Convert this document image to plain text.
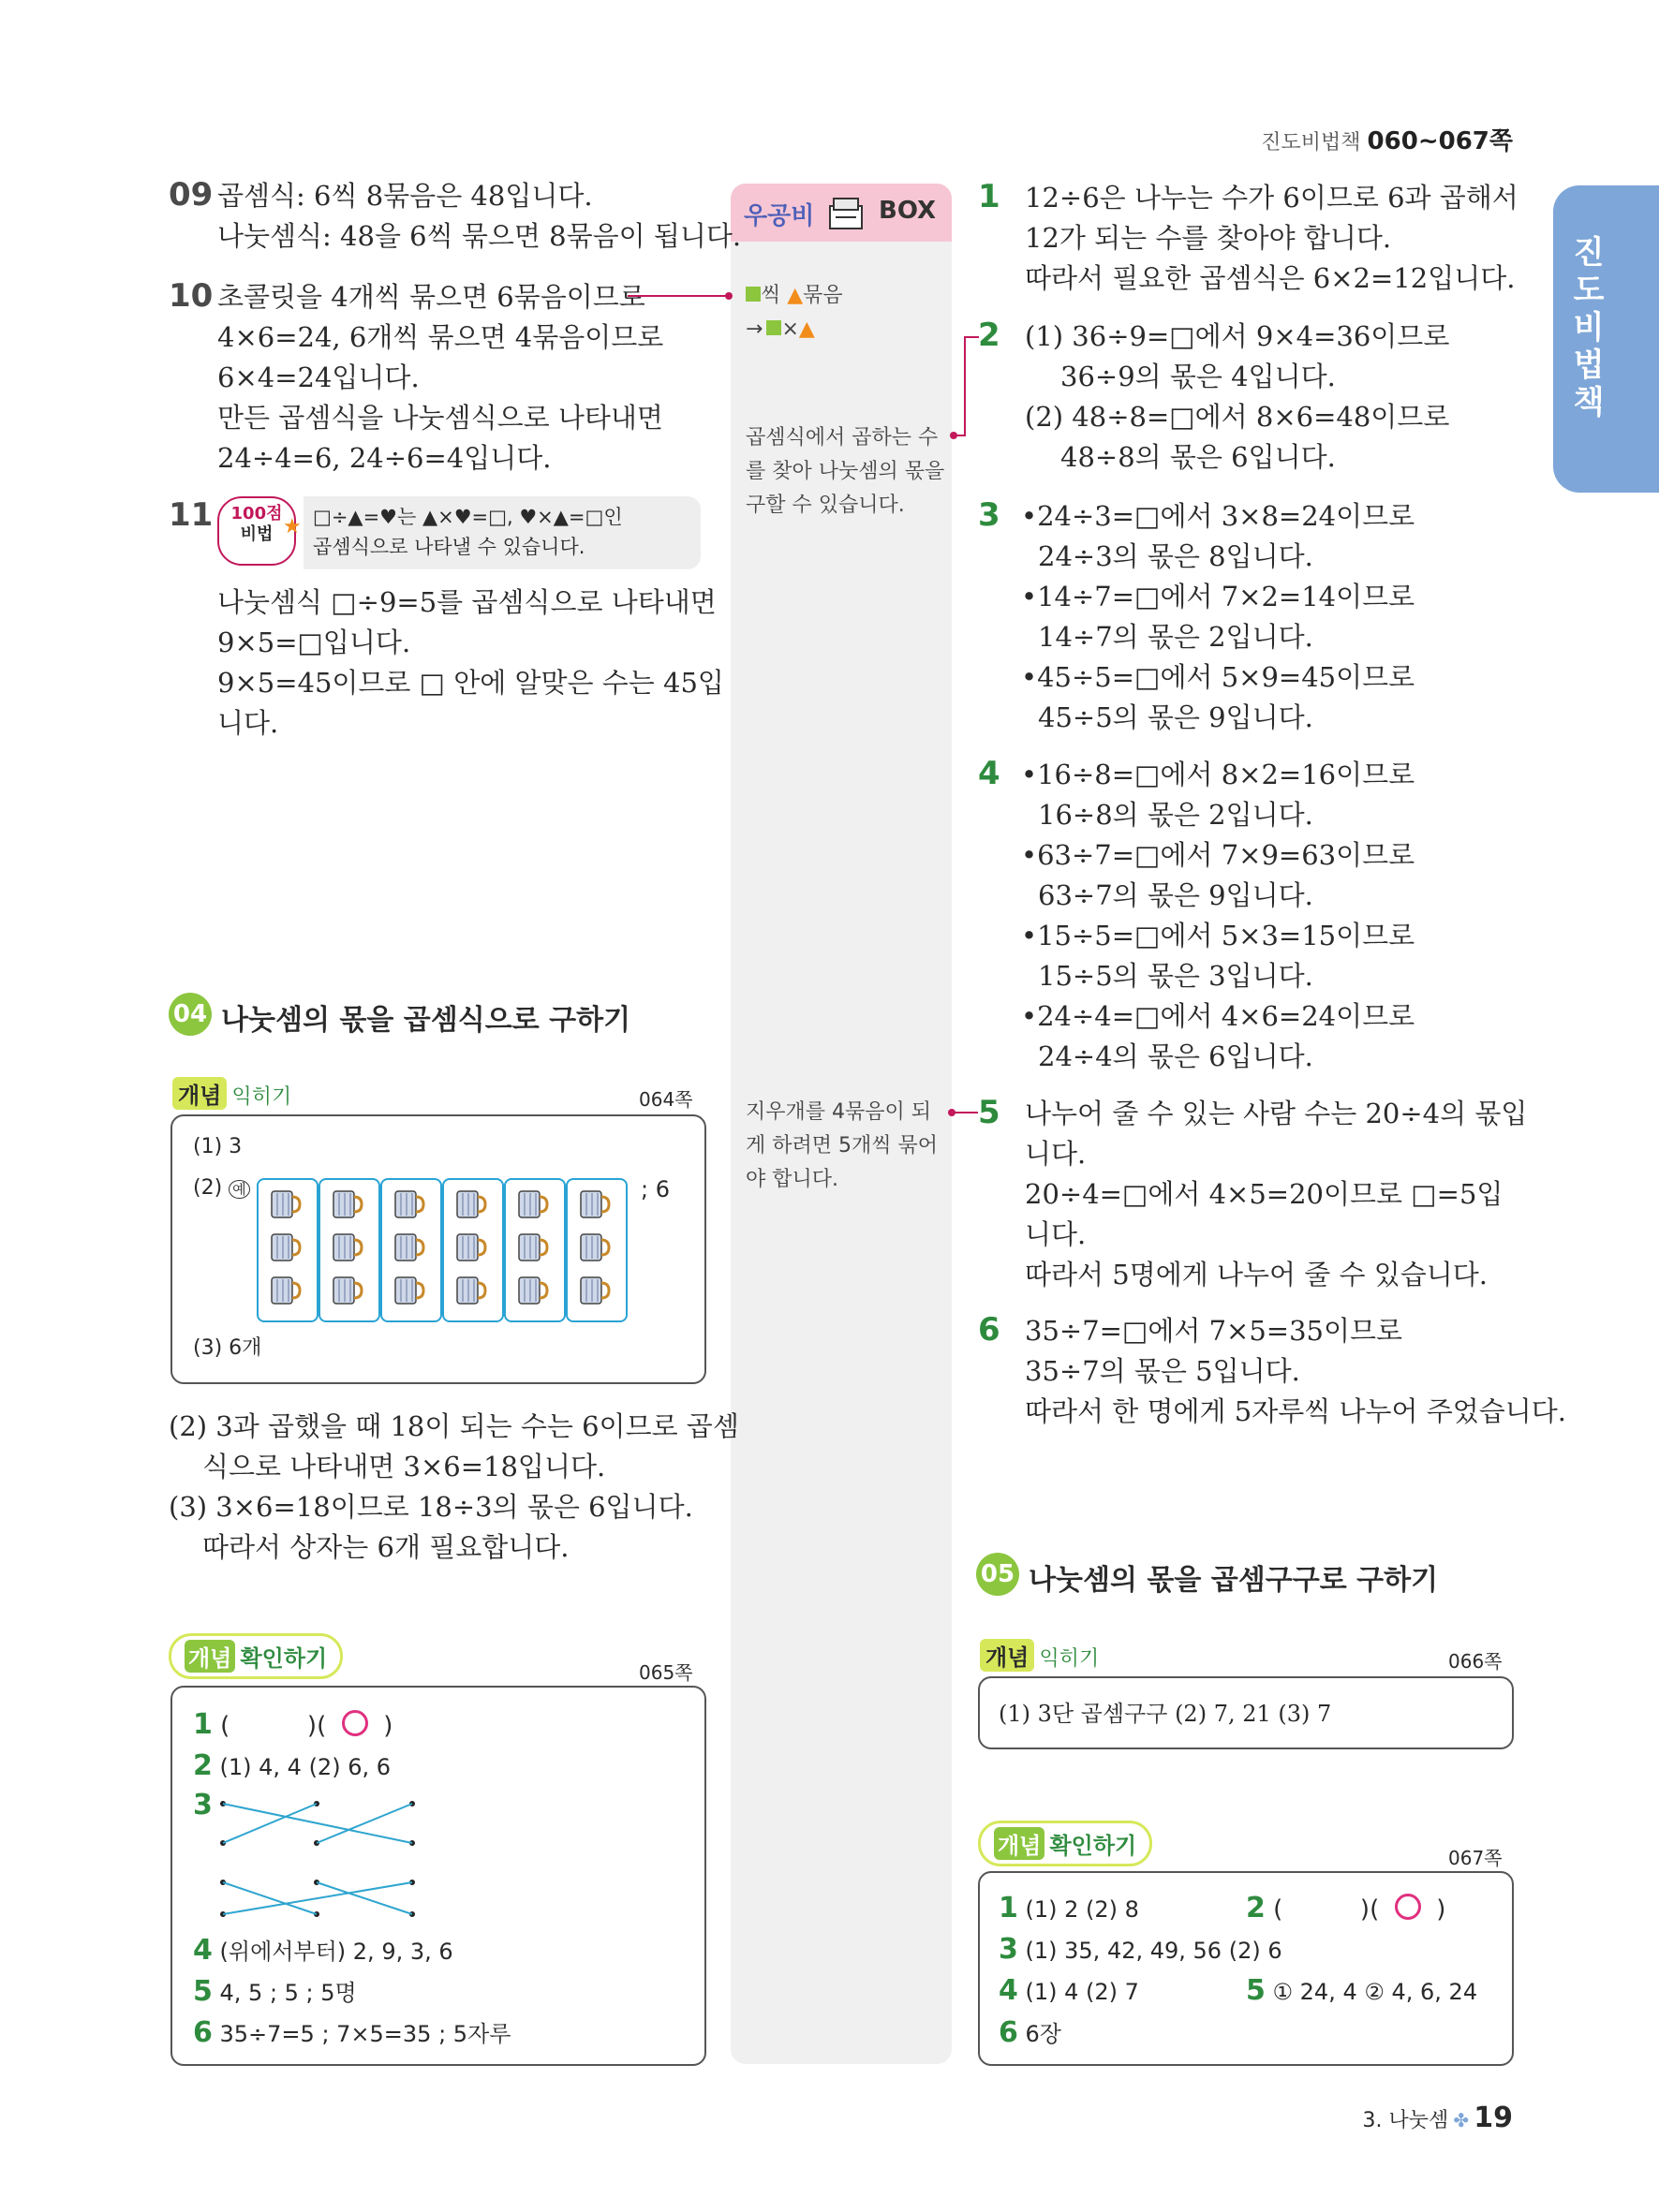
진도비법책 060~067쪽
진
도
비
법
책
우공비	BOX
씩 ▲묶음
→ ×▲
곱셈식에서 곱하는 수
를 찾아 나눗셈의 몫을
구할 수 있습니다.
지우개를 4묶음이 되
게 하려면 5개씩 묶어
야 합니다.
09 곱셈식: 6씩 8묶음은 48입니다.
나눗셈식: 48을 6씩 묶으면 8묶음이 됩니다.
10 초콜릿을 4개씩 묶으면 6묶음이므로
4×6=24, 6개씩 묶으면 4묶음이므로
6×4=24입니다.
만든 곱셈식을 나눗셈식으로 나타내면
24÷4=6, 24÷6=4입니다.
11	100점
비법 ★ □÷▲=♥는 ▲×♥=□, ♥×▲=□인
곱셈식으로 나타낼 수 있습니다.
나눗셈식 □÷9=5를 곱셈식으로 나타내면
9×5=□입니다.
9×5=45이므로 □ 안에 알맞은 수는 45입
니다.
04 나눗셈의 몫을 곱셈식으로 구하기
개념 익히기	064쪽
(1) 3
(2) 예	; 6
(3) 6개
(2) 3과 곱했을 때 18이 되는 수는 6이므로 곱셈
식으로 나타내면 3×6=18입니다.
(3) 3×6=18이므로 18÷3의 몫은 6입니다.
따라서 상자는 6개 필요합니다.
개념 확인하기
065쪽
1 (          )( ○ )
2 (1) 4, 4 (2) 6, 6
3
4 (위에서부터) 2, 9, 3, 6
5 4, 5 ; 5 ; 5명
6 35÷7=5 ; 7×5=35 ; 5자루
1 12÷6은 나누는 수가 6이므로 6과 곱해서
12가 되는 수를 찾아야 합니다.
따라서 필요한 곱셈식은 6×2=12입니다.
2 (1) 36÷9=□에서 9×4=36이므로
36÷9의 몫은 4입니다.
(2) 48÷8=□에서 8×6=48이므로
48÷8의 몫은 6입니다.
3 •24÷3=□에서 3×8=24이므로
24÷3의 몫은 8입니다.
•14÷7=□에서 7×2=14이므로
14÷7의 몫은 2입니다.
•45÷5=□에서 5×9=45이므로
45÷5의 몫은 9입니다.
4 •16÷8=□에서 8×2=16이므로
16÷8의 몫은 2입니다.
•63÷7=□에서 7×9=63이므로
63÷7의 몫은 9입니다.
•15÷5=□에서 5×3=15이므로
15÷5의 몫은 3입니다.
•24÷4=□에서 4×6=24이므로
24÷4의 몫은 6입니다.
5 나누어 줄 수 있는 사람 수는 20÷4의 몫입
니다.
20÷4=□에서 4×5=20이므로 □=5입
니다.
따라서 5명에게 나누어 줄 수 있습니다.
6 35÷7=□에서 7×5=35이므로
35÷7의 몫은 5입니다.
따라서 한 명에게 5자루씩 나누어 주었습니다.
05 나눗셈의 몫을 곱셈구구로 구하기
개념 익히기	066쪽
(1) 3단 곱셈구구 (2) 7, 21 (3) 7
개념 확인하기	067쪽
1 (1) 2 (2) 8	2 (          )( ○ )
3 (1) 35, 42, 49, 56 (2) 6
4 (1) 4 (2) 7	5 ① 24, 4 ② 4, 6, 24
6 6장
3. 나눗셈 ✤ 19
